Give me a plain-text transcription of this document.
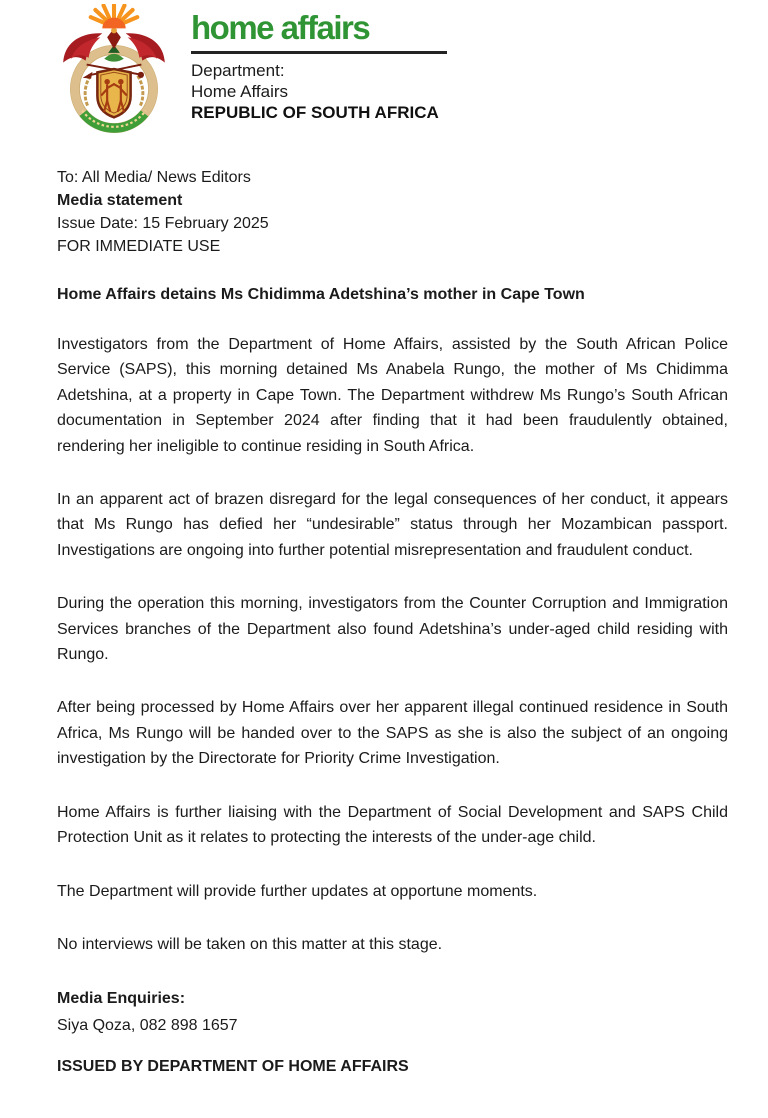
home affairs
Department:
Home Affairs
REPUBLIC OF SOUTH AFRICA
To: All Media/ News Editors
Media statement
Issue Date: 15 February 2025
FOR IMMEDIATE USE
Home Affairs detains Ms Chidimma Adetshina’s mother in Cape Town

Investigators from the Department of Home Affairs, assisted by the South African Police Service (SAPS), this morning detained Ms Anabela Rungo, the mother of Ms Chidimma Adetshina, at a property in Cape Town. The Department withdrew Ms Rungo’s South African documentation in September 2024 after finding that it had been fraudulently obtained, rendering her ineligible to continue residing in South Africa.

In an apparent act of brazen disregard for the legal consequences of her conduct, it appears that Ms Rungo has defied her “undesirable” status through her Mozambican passport. Investigations are ongoing into further potential misrepresentation and fraudulent conduct.

During the operation this morning, investigators from the Counter Corruption and Immigration Services branches of the Department also found Adetshina’s under-aged child residing with Rungo.

After being processed by Home Affairs over her apparent illegal continued residence in South Africa, Ms Rungo will be handed over to the SAPS as she is also the subject of an ongoing investigation by the Directorate for Priority Crime Investigation.

Home Affairs is further liaising with the Department of Social Development and SAPS Child Protection Unit as it relates to protecting the interests of the under-age child.

The Department will provide further updates at opportune moments.

No interviews will be taken on this matter at this stage.

Media Enquiries:
Siya Qoza, 082 898 1657
ISSUED BY DEPARTMENT OF HOME AFFAIRS
